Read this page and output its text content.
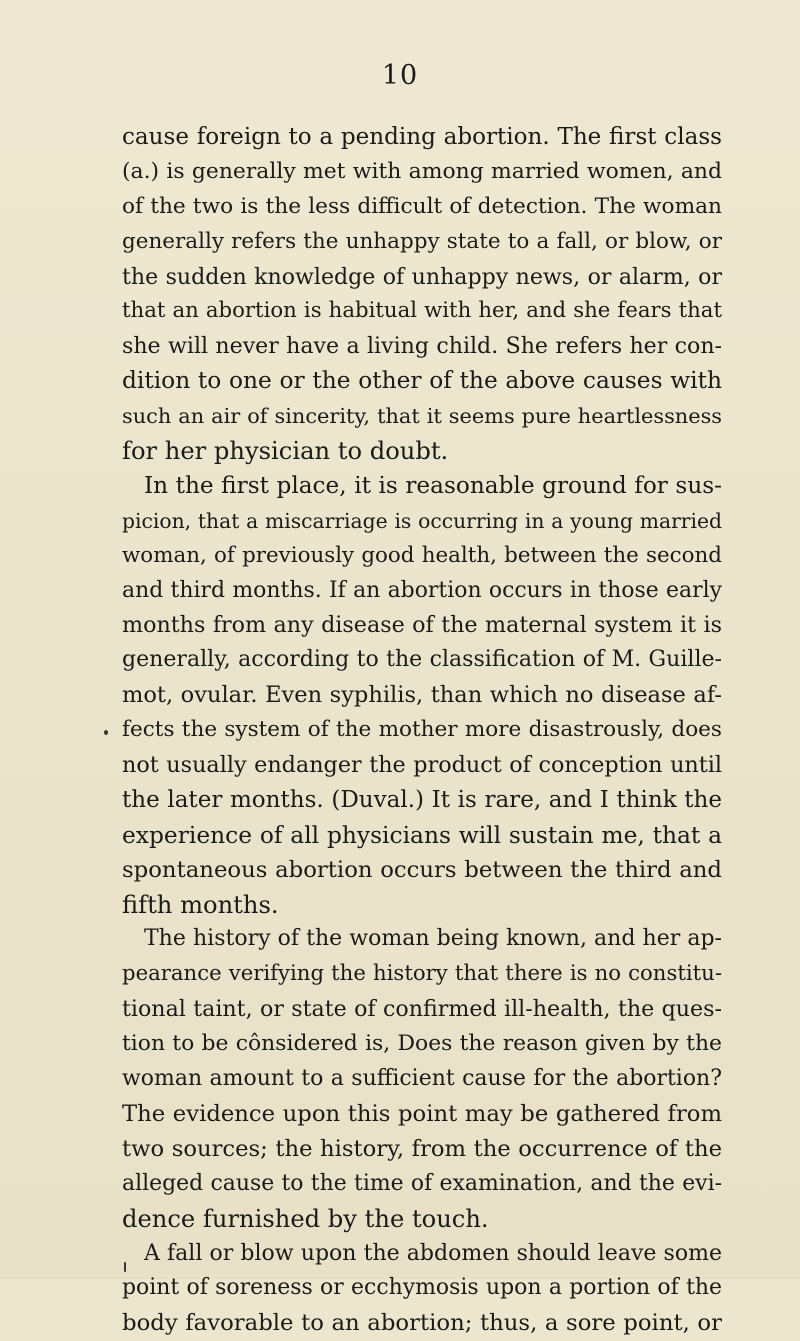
10
cause foreign to a pending abortion. The first class
(a.) is generally met with among married women, and
of the two is the less difficult of detection. The woman
generally refers the unhappy state to a fall, or blow, or
the sudden knowledge of unhappy news, or alarm, or
that an abortion is habitual with her, and she fears that
she will never have a living child. She refers her con-
dition to one or the other of the above causes with
such an air of sincerity, that it seems pure heartlessness
for her physician to doubt.
In the first place, it is reasonable ground for sus-
picion, that a miscarriage is occurring in a young married
woman, of previously good health, between the second
and third months. If an abortion occurs in those early
months from any disease of the maternal system it is
generally, according to the classification of M. Guille-
mot, ovular. Even syphilis, than which no disease af-
fects the system of the mother more disastrously, does
not usually endanger the product of conception until
the later months. (Duval.) It is rare, and I think the
experience of all physicians will sustain me, that a
spontaneous abortion occurs between the third and
fifth months.
The history of the woman being known, and her ap-
pearance verifying the history that there is no constitu-
tional taint, or state of confirmed ill-health, the ques-
tion to be cônsidered is, Does the reason given by the
woman amount to a sufficient cause for the abortion?
The evidence upon this point may be gathered from
two sources; the history, from the occurrence of the
alleged cause to the time of examination, and the evi-
dence furnished by the touch.
A fall or blow upon the abdomen should leave some
point of soreness or ecchymosis upon a portion of the
body favorable to an abortion; thus, a sore point, or
